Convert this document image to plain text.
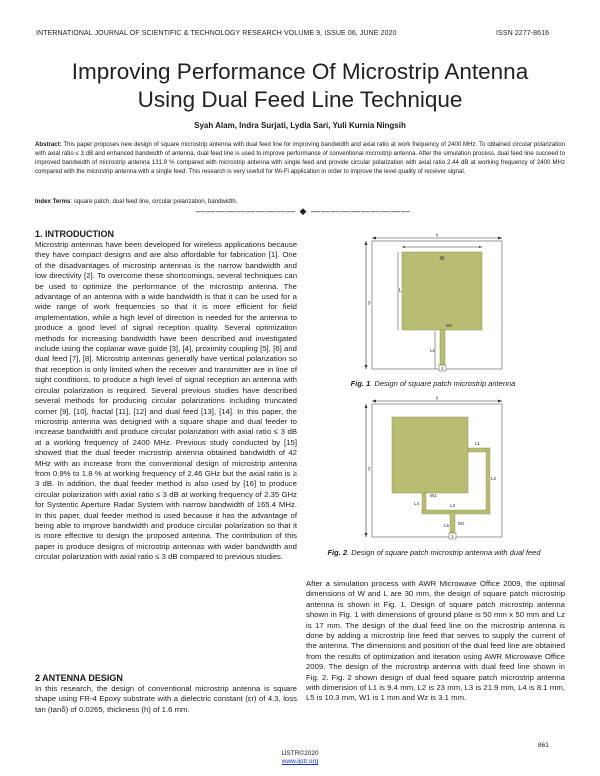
INTERNATIONAL JOURNAL OF SCIENTIFIC & TECHNOLOGY RESEARCH VOLUME 9, ISSUE 06, JUNE 2020	ISSN 2277-8616
Improving Performance Of Microstrip Antenna
Using Dual Feed Line Technique
Syah Alam, Indra Surjati, Lydia Sari, Yuli Kurnia Ningsih
Abstract: This paper proposes new design of square microstrip antenna with dual feed line for improving bandwidth and axial ratio at work frequency of 2400 MHz. To obtained circular polarization with axial ratio ≤ 3 dB and enhanced bandwidth of antenna, dual feed line is used to improve performance of conventional microstrip antenna. After the simulation process, dual feed line succeed to improved bandwidth of microstrip antenna 131.9 % compared with microstrip antenna with single feed and provide circular polarization with axial ratio 2.44 dB at working frequency of 2400 MHz compared with the microstrip antenna with a single feed. This research is very usefull for Wi-Fi application in order to improve the level quality of receiver signal.
Index Terms: square patch, dual feed line, circular polarization, bandwidth.
—————————— ◆ ——————————
1. INTRODUCTION
Microstrip antennas have been developed for wireless applications because they have compact designs and are also affordable for fabrication [1]. One of the disadvantages of microstrip antennas is the narrow bandwidth and low directivity [2]. To overcome these shortcomings, several techniques can be used to optimize the performance of the microstrip antenna. The advantage of an antenna with a wide bandwidth is that it can be used for a wide range of work frequencies so that it is more efficient for field implementation, while a high level of direction is needed for the antenna to produce a good level of signal reception quality. Several optimization methods for increasing bandwidth have been described and investigated include using the coplanar wave guide [3], [4], proximity coupling [5], [6] and dual feed [7], [8]. Microstrip antennas generally have vertical polarization so that reception is only limited when the receiver and transmitter are in line of sight conditions, to produce a high level of signal reception an antenna with circular polarization is required. Several previous studies have described several methods for producing circular polarizations including truncated corner [9], [10], fractal [11], [12] and dual feed [13], [14]. In this paper, the microstrip antenna was designed with a square shape and dual feeder to increase bandwidth and produce circular polarization with axial ratio ≤ 3 dB at a working frequency of 2400 MHz. Previous study conducted by [15] showed that the dual feeder microstrip antenna obtained bandwidth of 42 MHz with an increase from the conventional design of microstrip antenna from 0.9% to 1.8 % at working frequency of 2.46 GHz but the axial ratio is ≥ 3 dB. In addition, the dual feeder method is also used by [16] to produce circular polarization with axial ratio ≤ 3 dB at working frequency of 2.35 GHz for Systentic Aperture Radar System with narrow bandwidth of 165.4 MHz. In this paper, dual feeder method is used because it has the advantage of being able to improve bandwidth and produce circular polarization so that it is more effective to design the proposed antenna. The contribution of this paper is produce designs of microstrip antennas with wider bandwidth and circular polarization with axial ratio ≤ 3 dB compared to previous studies.
2 ANTENNA DESIGN
In this research, the design of conventional microstrip antenna is square shape using FR-4 Epoxy substrate with a dielectric constant (εr) of 4.3, loss tan (tanδ) of 0.0265, thickness (h) of 1.6 mm.
x
y
W
L
Wz
Lz
1
Fig. 1. Design of square patch microstrip antenna
x
y
L1
L2
L3
L4
L5
W1
Wz
1
Fig. 2. Design of square patch microstrip antenna with dual feed
After a simulation process with AWR Microwave Office 2009, the optimal dimensions of W and L are 30 mm, the design of square patch microstrip antenna is shown in Fig. 1. Design of square patch microstrip antenna shown in Fig. 1 with dimensions of ground plane is 50 mm x 50 mm and Lz is 17 mm. The design of the dual feed line on the microstrip antenna is done by adding a microstrip line feed that serves to supply the current of the antenna. The dimensions and position of the dual feed line are obtained from the results of optimization and iteration using AWR Microwave Office 2009. The design of the microstrip antenna with dual feed line shown in Fig. 2. Fig. 2 shown design of dual feed square patch microstrip antenna with dimension of L1 is 9.4 mm, L2 is 23 mm, L3 is 21.9 mm, L4 is 8.1 mm, L5 is 10.3 mm, W1 is 1 mm and Wz is 3.1 mm.
861
IJSTR©2020
www.ijstr.org
